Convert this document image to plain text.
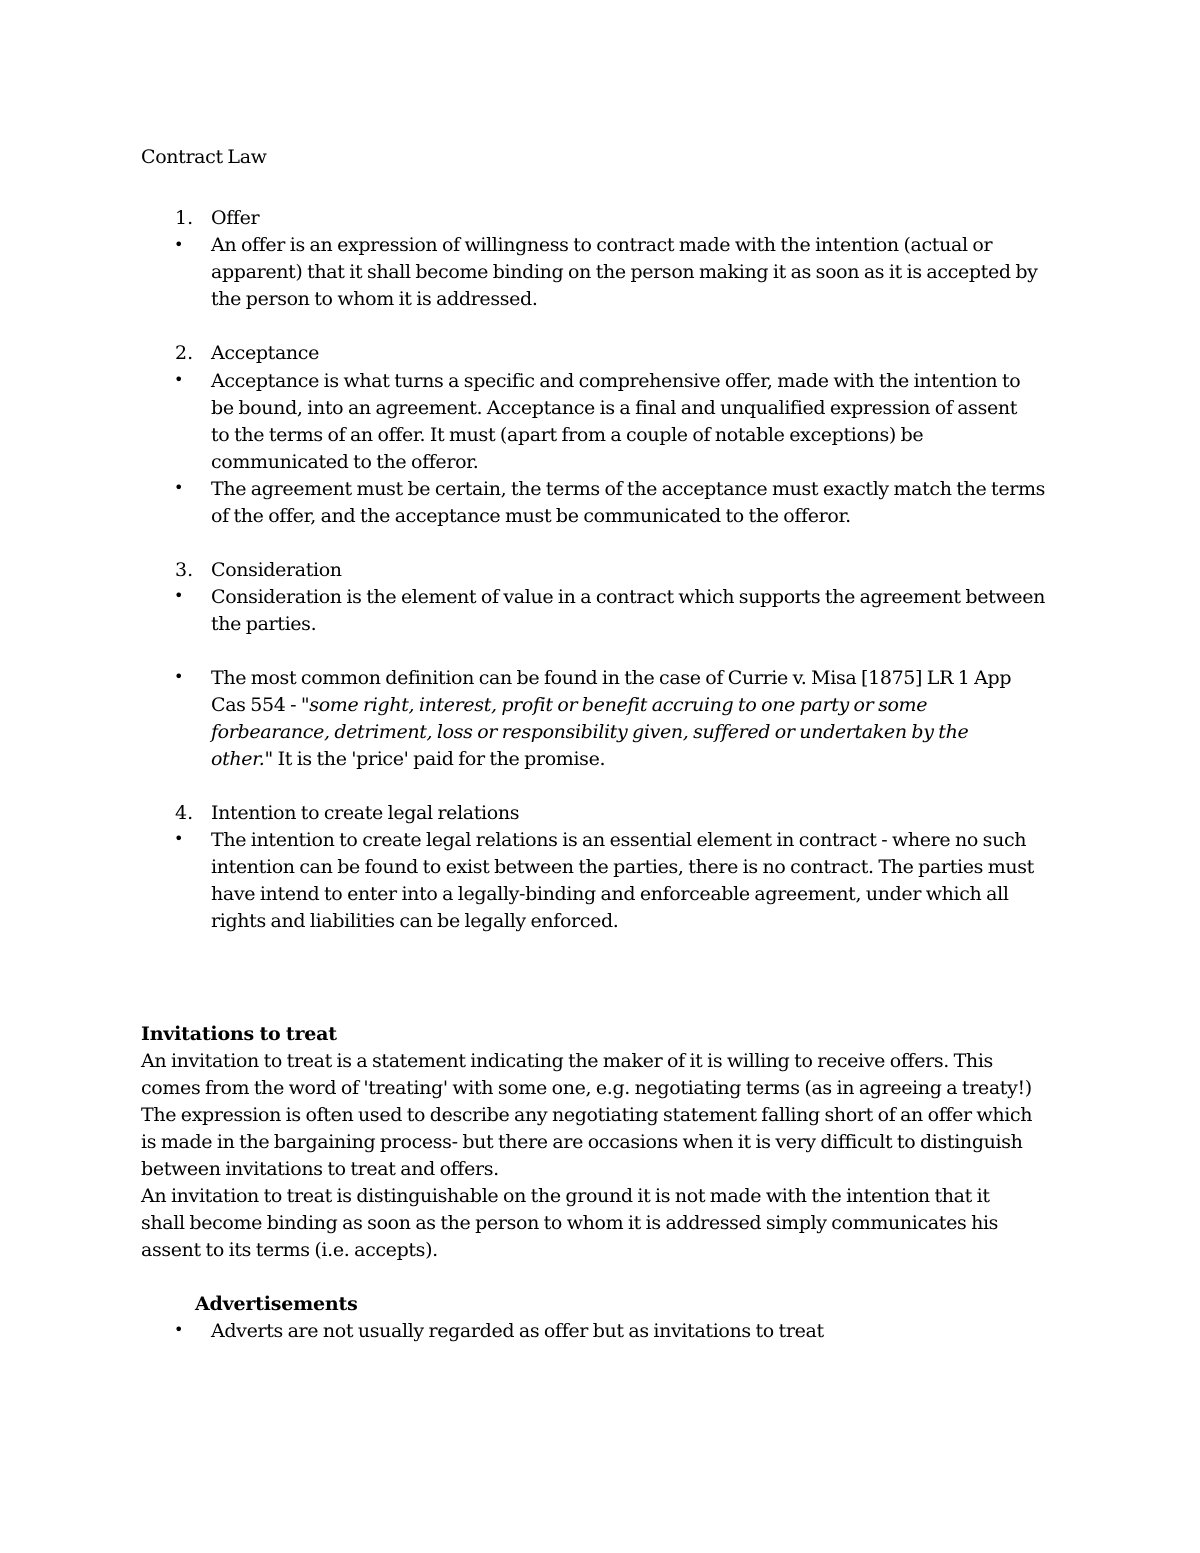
Contract Law
1. Offer
• An offer is an expression of willingness to contract made with the intention (actual or
apparent) that it shall become binding on the person making it as soon as it is accepted by
the person to whom it is addressed.
2. Acceptance
• Acceptance is what turns a specific and comprehensive offer, made with the intention to
be bound, into an agreement. Acceptance is a final and unqualified expression of assent
to the terms of an offer. It must (apart from a couple of notable exceptions) be
communicated to the offeror.
• The agreement must be certain, the terms of the acceptance must exactly match the terms
of the offer, and the acceptance must be communicated to the offeror.
3. Consideration
• Consideration is the element of value in a contract which supports the agreement between
the parties.
• The most common definition can be found in the case of Currie v. Misa [1875] LR 1 App
Cas 554 - "some right, interest, profit or benefit accruing to one party or some
forbearance, detriment, loss or responsibility given, suffered or undertaken by the
other." It is the 'price' paid for the promise.
4. Intention to create legal relations
• The intention to create legal relations is an essential element in contract - where no such
intention can be found to exist between the parties, there is no contract. The parties must
have intend to enter into a legally-binding and enforceable agreement, under which all
rights and liabilities can be legally enforced.
Invitations to treat
An invitation to treat is a statement indicating the maker of it is willing to receive offers. This
comes from the word of 'treating' with some one, e.g. negotiating terms (as in agreeing a treaty!)
The expression is often used to describe any negotiating statement falling short of an offer which
is made in the bargaining process- but there are occasions when it is very difficult to distinguish
between invitations to treat and offers.
An invitation to treat is distinguishable on the ground it is not made with the intention that it
shall become binding as soon as the person to whom it is addressed simply communicates his
assent to its terms (i.e. accepts).
Advertisements
• Adverts are not usually regarded as offer but as invitations to treat
